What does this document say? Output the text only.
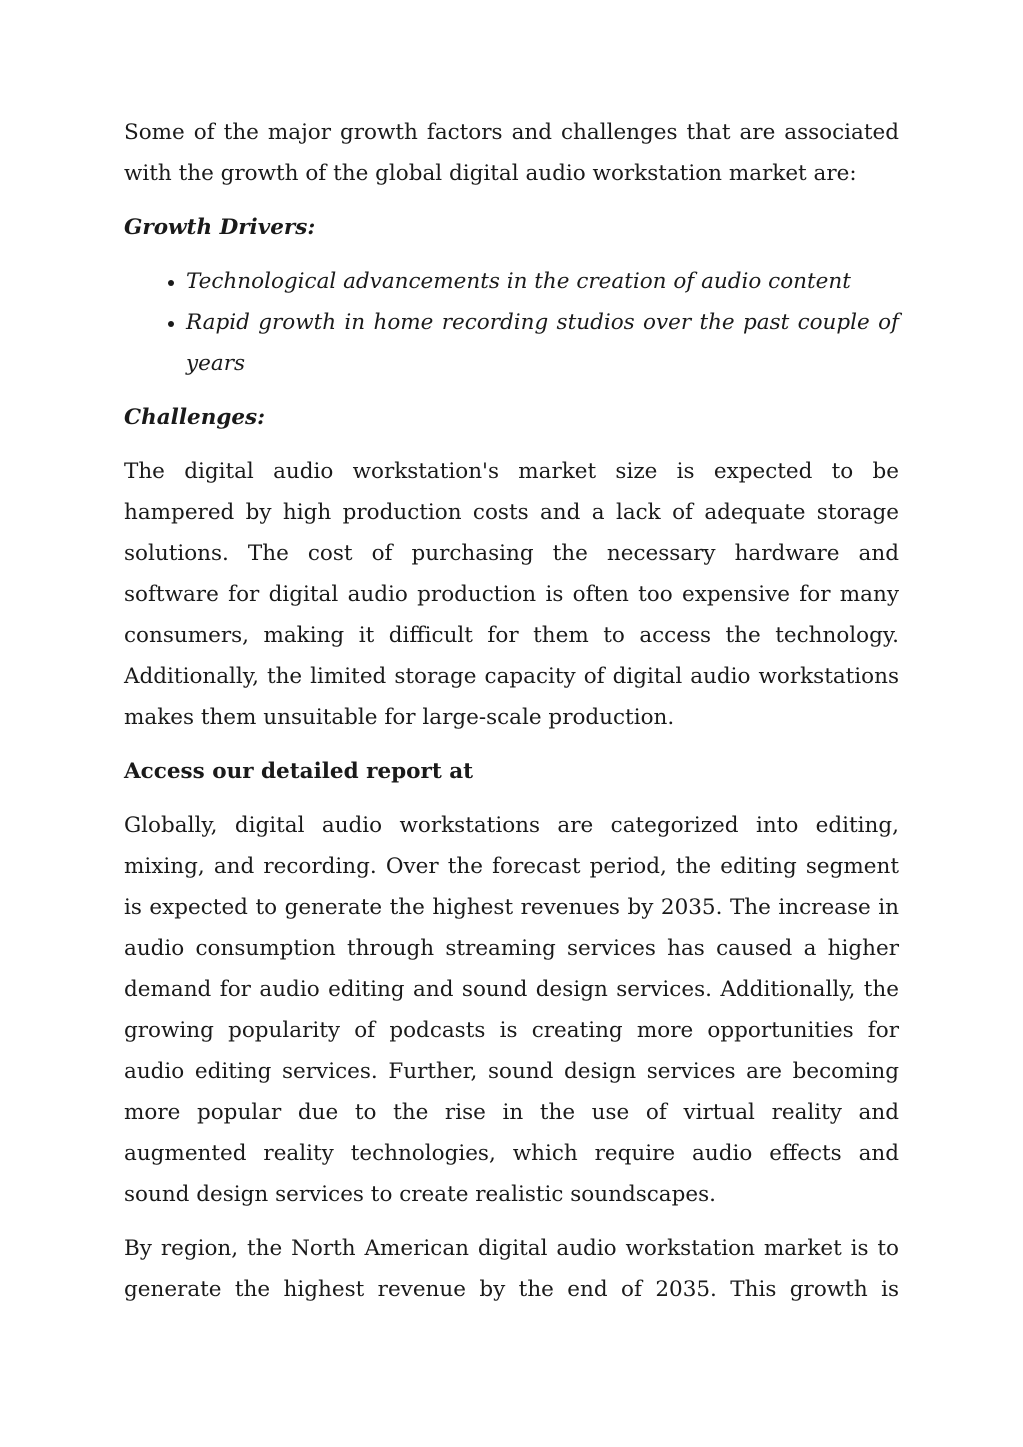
Some of the major growth factors and challenges that are associated with the growth of the global digital audio workstation market are:

Growth Drivers:
• Technological advancements in the creation of audio content
• Rapid growth in home recording studios over the past couple of years
Challenges:

The digital audio workstation's market size is expected to be hampered by high production costs and a lack of adequate storage solutions. The cost of purchasing the necessary hardware and software for digital audio production is often too expensive for many consumers, making it difficult for them to access the technology. Additionally, the limited storage capacity of digital audio workstations makes them unsuitable for large-scale production.

Access our detailed report at

Globally, digital audio workstations are categorized into editing, mixing, and recording. Over the forecast period, the editing segment is expected to generate the highest revenues by 2035. The increase in audio consumption through streaming services has caused a higher demand for audio editing and sound design services. Additionally, the growing popularity of podcasts is creating more opportunities for audio editing services. Further, sound design services are becoming more popular due to the rise in the use of virtual reality and augmented reality technologies, which require audio effects and sound design services to create realistic soundscapes.

By region, the North American digital audio workstation market is to generate the highest revenue by the end of 2035. This growth is
